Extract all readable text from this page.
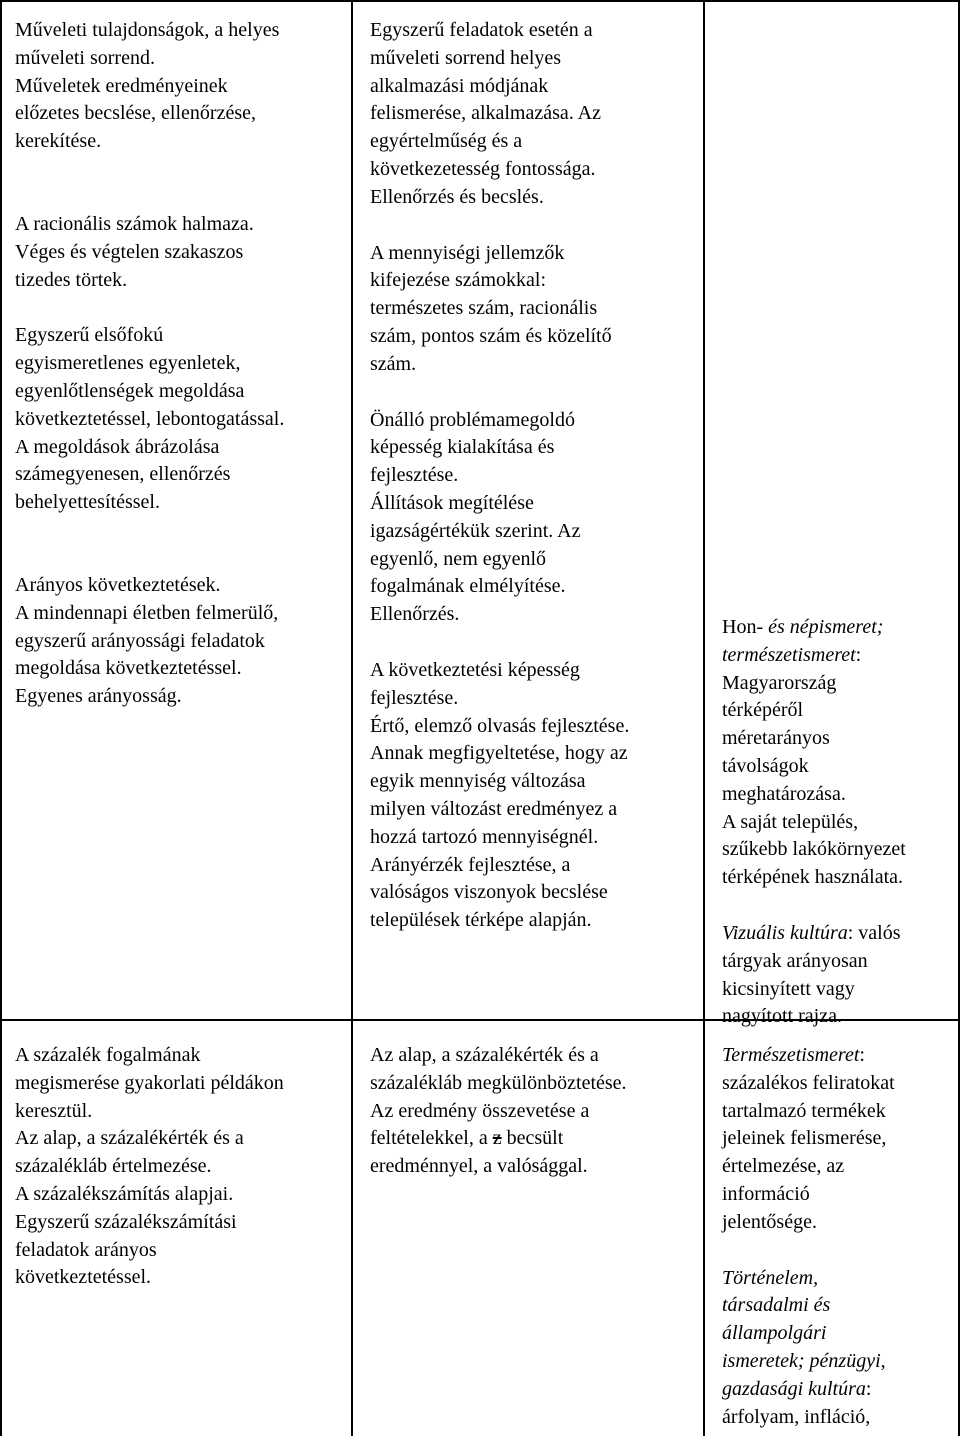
Műveleti tulajdonságok, a helyes
műveleti sorrend.
Műveletek eredményeinek
előzetes becslése, ellenőrzése,
kerekítése.

A racionális számok halmaza.
Véges és végtelen szakaszos
tizedes törtek.

Egyszerű elsőfokú
egyismeretlenes egyenletek,
egyenlőtlenségek megoldása
következtetéssel, lebontogatással.
A megoldások ábrázolása
számegyenesen, ellenőrzés
behelyettesítéssel.

Arányos következtetések.
A mindennapi életben felmerülő,
egyszerű arányossági feladatok
megoldása következtetéssel.
Egyenes arányosság.

Egyszerű feladatok esetén a
műveleti sorrend helyes
alkalmazási módjának
felismerése, alkalmazása. Az
egyértelműség és a
következetesség fontossága.
Ellenőrzés és becslés.

A mennyiségi jellemzők
kifejezése számokkal:
természetes szám, racionális
szám, pontos szám és közelítő
szám.

Önálló problémamegoldó
képesség kialakítása és
fejlesztése.
Állítások megítélése
igazságértékük szerint. Az
egyenlő, nem egyenlő
fogalmának elmélyítése.
Ellenőrzés.

A következtetési képesség
fejlesztése.
Értő, elemző olvasás fejlesztése.
Annak megfigyeltetése, hogy az
egyik mennyiség változása
milyen változást eredményez a
hozzá tartozó mennyiségnél.
Arányérzék fejlesztése, a
valóságos viszonyok becslése
települések térképe alapján.

Hon- és népismeret;
természetismeret:
Magyarország
térképéről
méretarányos
távolságok
meghatározása.
A saját település,
szűkebb lakókörnyezet
térképének használata.

Vizuális kultúra: valós
tárgyak arányosan
kicsinyített vagy
nagyított rajza.

A százalék fogalmának
megismerése gyakorlati példákon
keresztül.
Az alap, a százalékérték és a
százalékláb értelmezése.
A százalékszámítás alapjai.
Egyszerű százalékszámítási
feladatok arányos
következtetéssel.

Az alap, a százalékérték és a
százalékláb megkülönböztetése.
Az eredmény összevetése a
feltételekkel, a z becsült
eredménnyel, a valósággal.

Természetismeret:
százalékos feliratokat
tartalmazó termékek
jeleinek felismerése,
értelmezése, az
információ
jelentősége.

Történelem,
társadalmi és
állampolgári
ismeretek; pénzügyi,
gazdasági kultúra:
árfolyam, infláció,
